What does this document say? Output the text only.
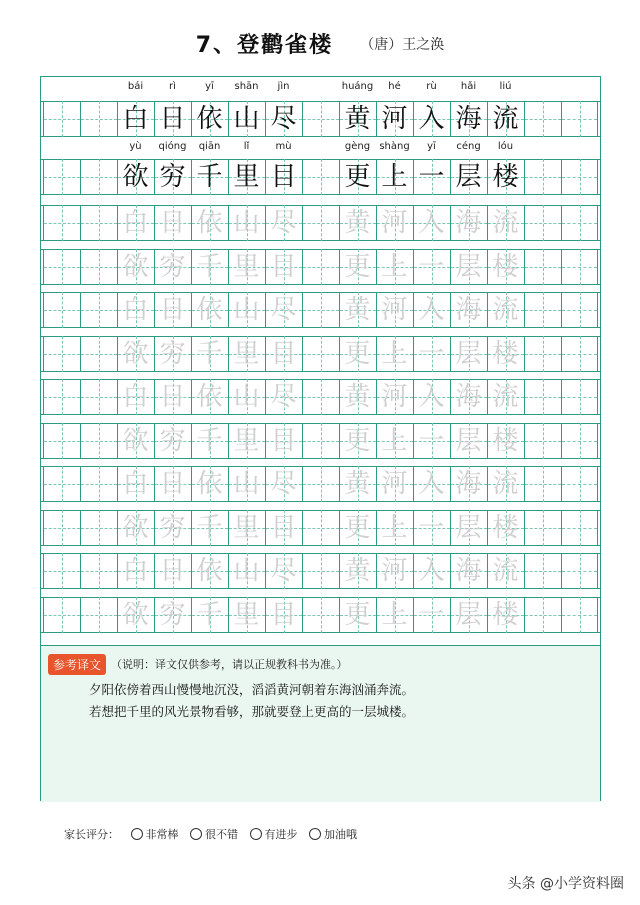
7、登鹳雀楼 （唐）王之涣
参考译文 （说明：译文仅供参考，请以正规教科书为准。）
夕阳依傍着西山慢慢地沉没，滔滔黄河朝着东海汹涌奔流。
若想把千里的风光景物看够，那就要登上更高的一层城楼。
bái	rì	yī	shān	jìn	huáng	hé	rù	hǎi	liú
白 日 依 山 尽 黄 河 入 海 流
yù	qióng	qiān	lǐ	mù	gèng shàng	yī	céng	lóu
欲 穷 千 里 目 更 上 一 层 楼
白 日 依 山 尽 黄 河 入 海 流
欲 穷 千 里 目 更 上 一 层 楼
白 日 依 山 尽 黄 河 入 海 流
欲 穷 千 里 目 更 上 一 层 楼
白 日 依 山 尽 黄 河 入 海 流
欲 穷 千 里 目 更 上 一 层 楼
白 日 依 山 尽 黄 河 入 海 流
欲 穷 千 里 目 更 上 一 层 楼
白 日 依 山 尽 黄 河 入 海 流
欲 穷 千 里 目 更 上 一 层 楼
家长评分： 非常棒 很不错 有进步 加油哦
头条 @小学资料圈
